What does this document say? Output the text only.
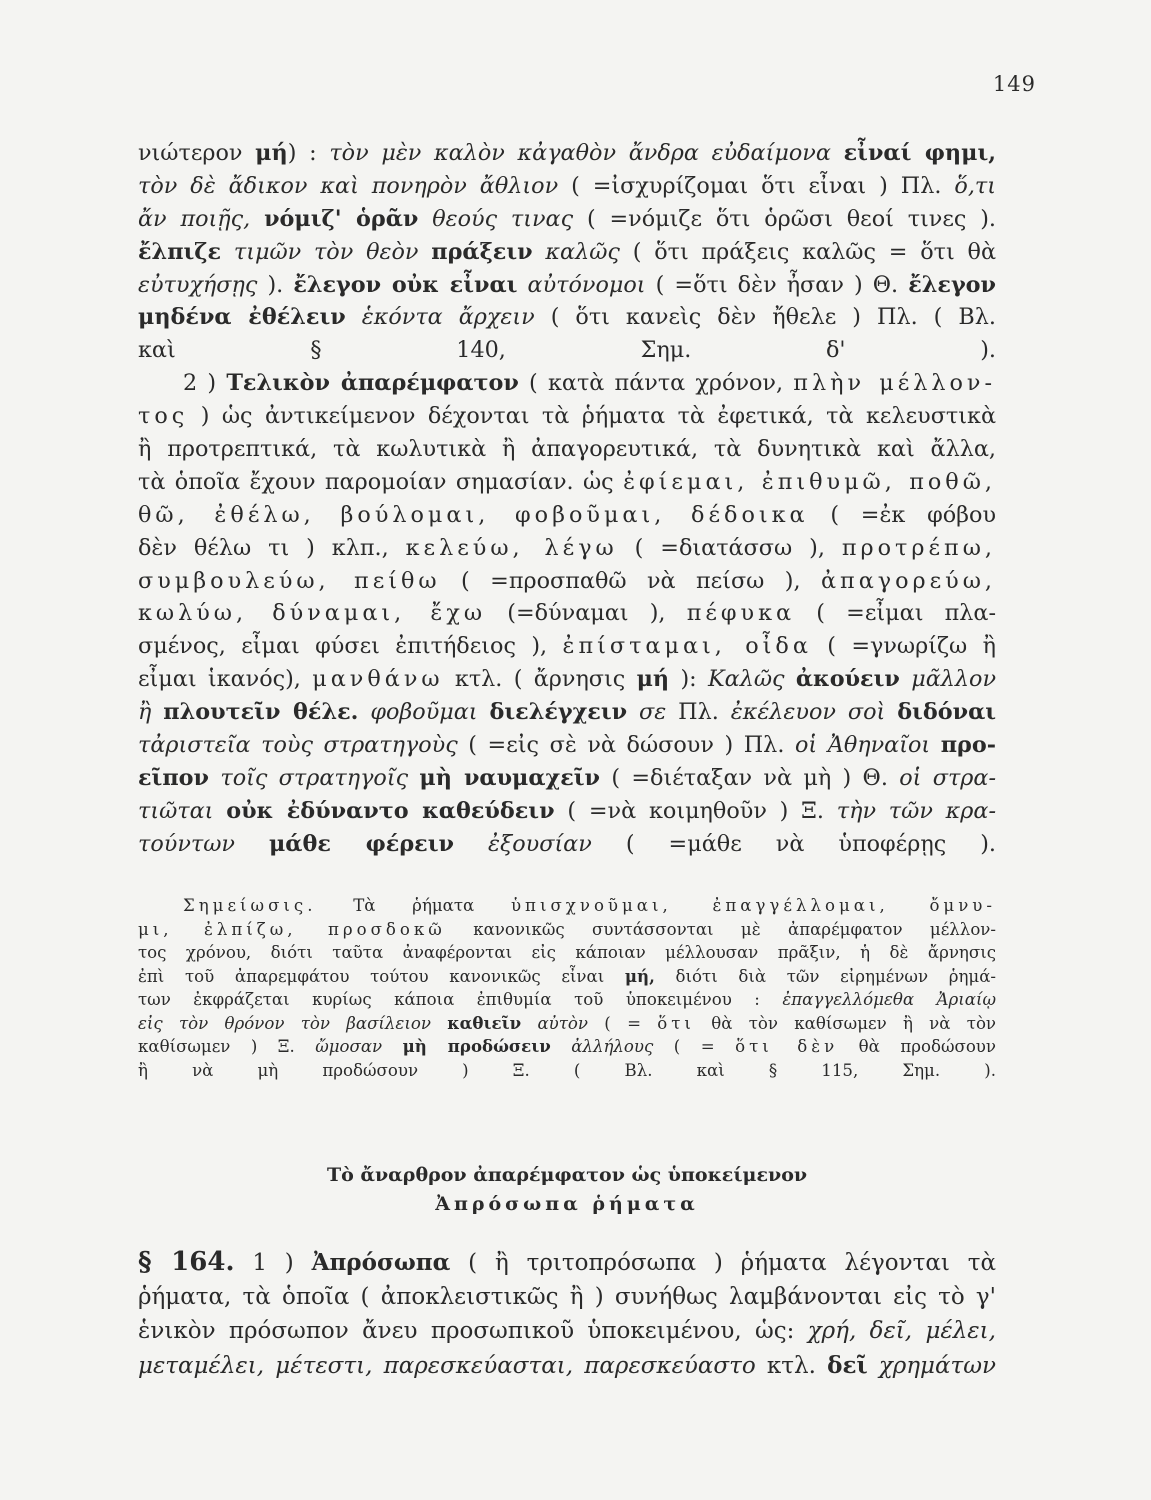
149
νιώτερον μή) : τὸν μὲν καλὸν κἀγαθὸν ἄνδρα εὐδαίμονα εἶναί φημι,
τὸν δὲ ἄδικον καὶ πονηρὸν ἄθλιον ( =ἰσχυρίζομαι ὅτι εἶναι ) Πλ. ὅ,τι
ἄν ποιῇς, νόμιζ' ὁρᾶν θεούς τινας ( =νόμιζε ὅτι ὁρῶσι θεοί τινες ).
ἔλπιζε τιμῶν τὸν θεὸν πράξειν καλῶς ( ὅτι πράξεις καλῶς = ὅτι θὰ
εὐτυχήσῃς ). ἔλεγον οὐκ εἶναι αὐτόνομοι ( =ὅτι δὲν ἦσαν ) Θ. ἔλεγον
μηδένα ἐθέλειν ἑκόντα ἄρχειν ( ὅτι κανεὶς δὲν ἤθελε ) Πλ. ( Βλ.
καὶ § 140, Σημ. δ' ).
2 ) Τελικὸν ἀπαρέμφατον ( κατὰ πάντα χρόνον, πλὴν μέλλον-
τος ) ὡς ἀντικείμενον δέχονται τὰ ῥήματα τὰ ἐφετικά, τὰ κελευστικὰ
ἢ προτρεπτικά, τὰ κωλυτικὰ ἢ ἀπαγορευτικά, τὰ δυνητικὰ καὶ ἄλλα,
τὰ ὁποῖα ἔχουν παρομοίαν σημασίαν. ὡς ἐφίεμαι, ἐπιθυμῶ, ποθῶ,
θῶ, ἐθέλω, βούλομαι, φοβοῦμαι, δέδοικα ( =ἐκ φόβου
δὲν θέλω τι ) κλπ., κελεύω, λέγω ( =διατάσσω ), προτρέπω,
συμβουλεύω, πείθω ( =προσπαθῶ νὰ πείσω ), ἀπαγορεύω,
κωλύω, δύναμαι, ἔχω (=δύναμαι ), πέφυκα ( =εἶμαι πλα-
σμένος, εἶμαι φύσει ἐπιτήδειος ), ἐπίσταμαι, οἶδα ( =γνωρίζω ἢ
εἶμαι ἱκανός), μανθάνω κτλ. ( ἄρνησις μή ): Καλῶς ἀκούειν μᾶλλον
ἢ πλουτεῖν θέλε. φοβοῦμαι διελέγχειν σε Πλ. ἐκέλευον σοὶ διδόναι
τἀριστεῖα τοὺς στρατηγοὺς ( =εἰς σὲ νὰ δώσουν ) Πλ. οἱ Ἀθηναῖοι προ-
εῖπον τοῖς στρατηγοῖς μὴ ναυμαχεῖν ( =διέταξαν νὰ μὴ ) Θ. οἱ στρα-
τιῶται οὐκ ἐδύναντο καθεύδειν ( =νὰ κοιμηθοῦν ) Ξ. τὴν τῶν κρα-
τούντων μάθε φέρειν ἐξουσίαν ( =μάθε νὰ ὑποφέρῃς ).
Σημείωσις. Τὰ ῥήματα ὑπισχνοῦμαι, ἐπαγγέλλομαι, ὄμνυ-
μι, ἐλπίζω, προσδοκῶ κανονικῶς συντάσσονται μὲ ἀπαρέμφατον μέλλον-
τος χρόνου, διότι ταῦτα ἀναφέρονται εἰς κάποιαν μέλλουσαν πρᾶξιν, ἡ δὲ ἄρνησις
ἐπὶ τοῦ ἀπαρεμφάτου τούτου κανονικῶς εἶναι μή, διότι διὰ τῶν εἰρημένων ῥημά-
των ἐκφράζεται κυρίως κάποια ἐπιθυμία τοῦ ὑποκειμένου : ἐπαγγελλόμεθα Ἀριαίῳ
εἰς τὸν θρόνον τὸν βασίλειον καθιεῖν αὐτὸν ( = ὅτι θὰ τὸν καθίσωμεν ἢ νὰ τὸν
καθίσωμεν ) Ξ. ὤμοσαν μὴ προδώσειν ἀλλήλους ( = ὅτι δὲν θὰ προδώσουν
ἢ νὰ μὴ προδώσουν ) Ξ. ( Βλ. καὶ § 115, Σημ. ).
Τὸ ἄναρθρον ἀπαρέμφατον ὡς ὑποκείμενον
Ἀπρόσωπα ῥήματα
§ 164. 1 ) Ἀπρόσωπα ( ἢ τριτοπρόσωπα ) ῥήματα λέγονται τὰ
ῥήματα, τὰ ὁποῖα ( ἀποκλειστικῶς ἢ ) συνήθως λαμβάνονται εἰς τὸ γ'
ἑνικὸν πρόσωπον ἄνευ προσωπικοῦ ὑποκειμένου, ὡς: χρή, δεῖ, μέλει,
μεταμέλει, μέτεστι, παρεσκεύασται, παρεσκεύαστο κτλ. δεῖ χρημάτων
